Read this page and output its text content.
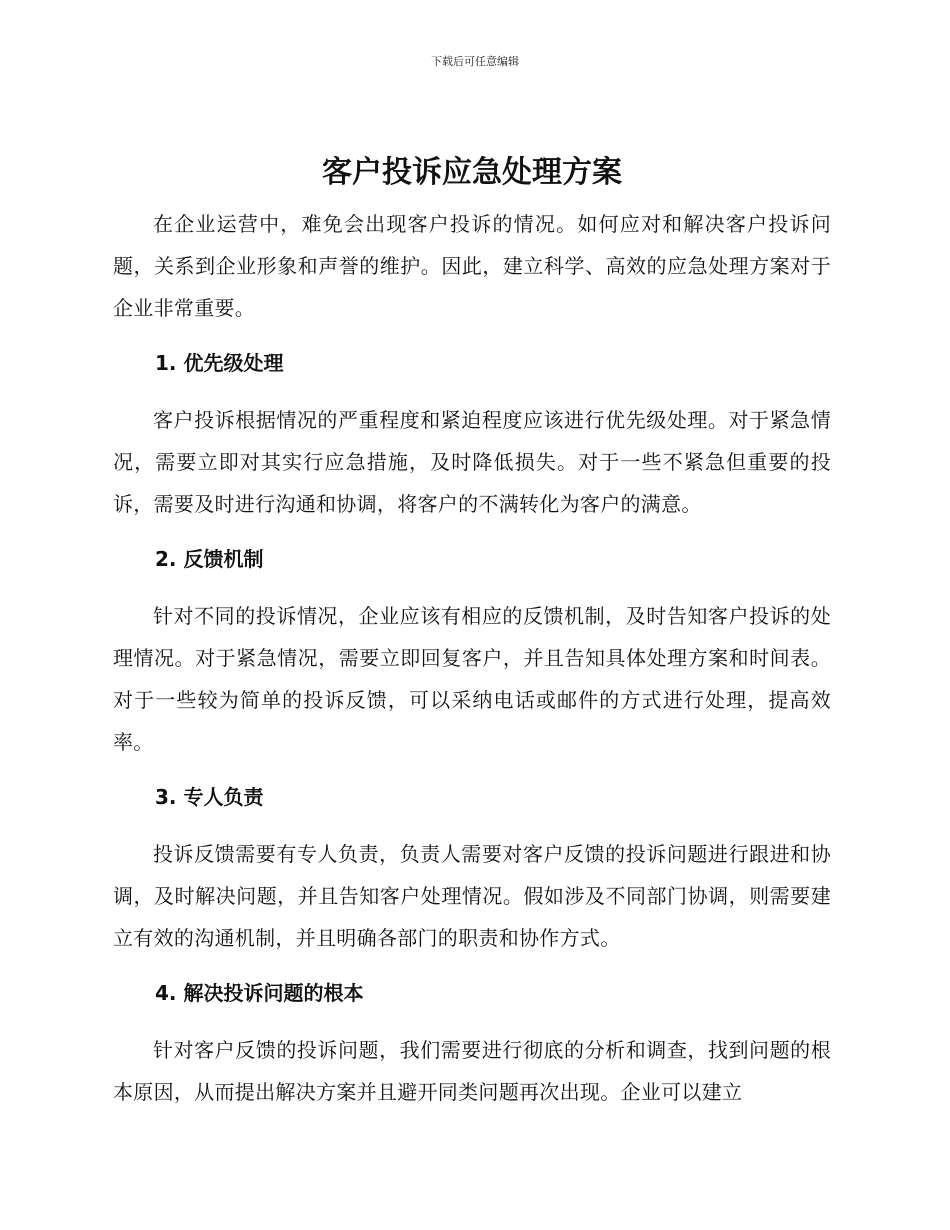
下载后可任意编辑
客户投诉应急处理方案

在企业运营中，难免会出现客户投诉的情况。如何应对和解决客户投诉问题，关系到企业形象和声誉的维护。因此，建立科学、高效的应急处理方案对于企业非常重要。

1. 优先级处理

客户投诉根据情况的严重程度和紧迫程度应该进行优先级处理。对于紧急情况，需要立即对其实行应急措施，及时降低损失。对于一些不紧急但重要的投诉，需要及时进行沟通和协调，将客户的不满转化为客户的满意。

2. 反馈机制

针对不同的投诉情况，企业应该有相应的反馈机制，及时告知客户投诉的处理情况。对于紧急情况，需要立即回复客户，并且告知具体处理方案和时间表。对于一些较为简单的投诉反馈，可以采纳电话或邮件的方式进行处理，提高效率。

3. 专人负责

投诉反馈需要有专人负责，负责人需要对客户反馈的投诉问题进行跟进和协调，及时解决问题，并且告知客户处理情况。假如涉及不同部门协调，则需要建立有效的沟通机制，并且明确各部门的职责和协作方式。

4. 解决投诉问题的根本

针对客户反馈的投诉问题，我们需要进行彻底的分析和调查，找到问题的根本原因，从而提出解决方案并且避开同类问题再次出现。企业可以建立
